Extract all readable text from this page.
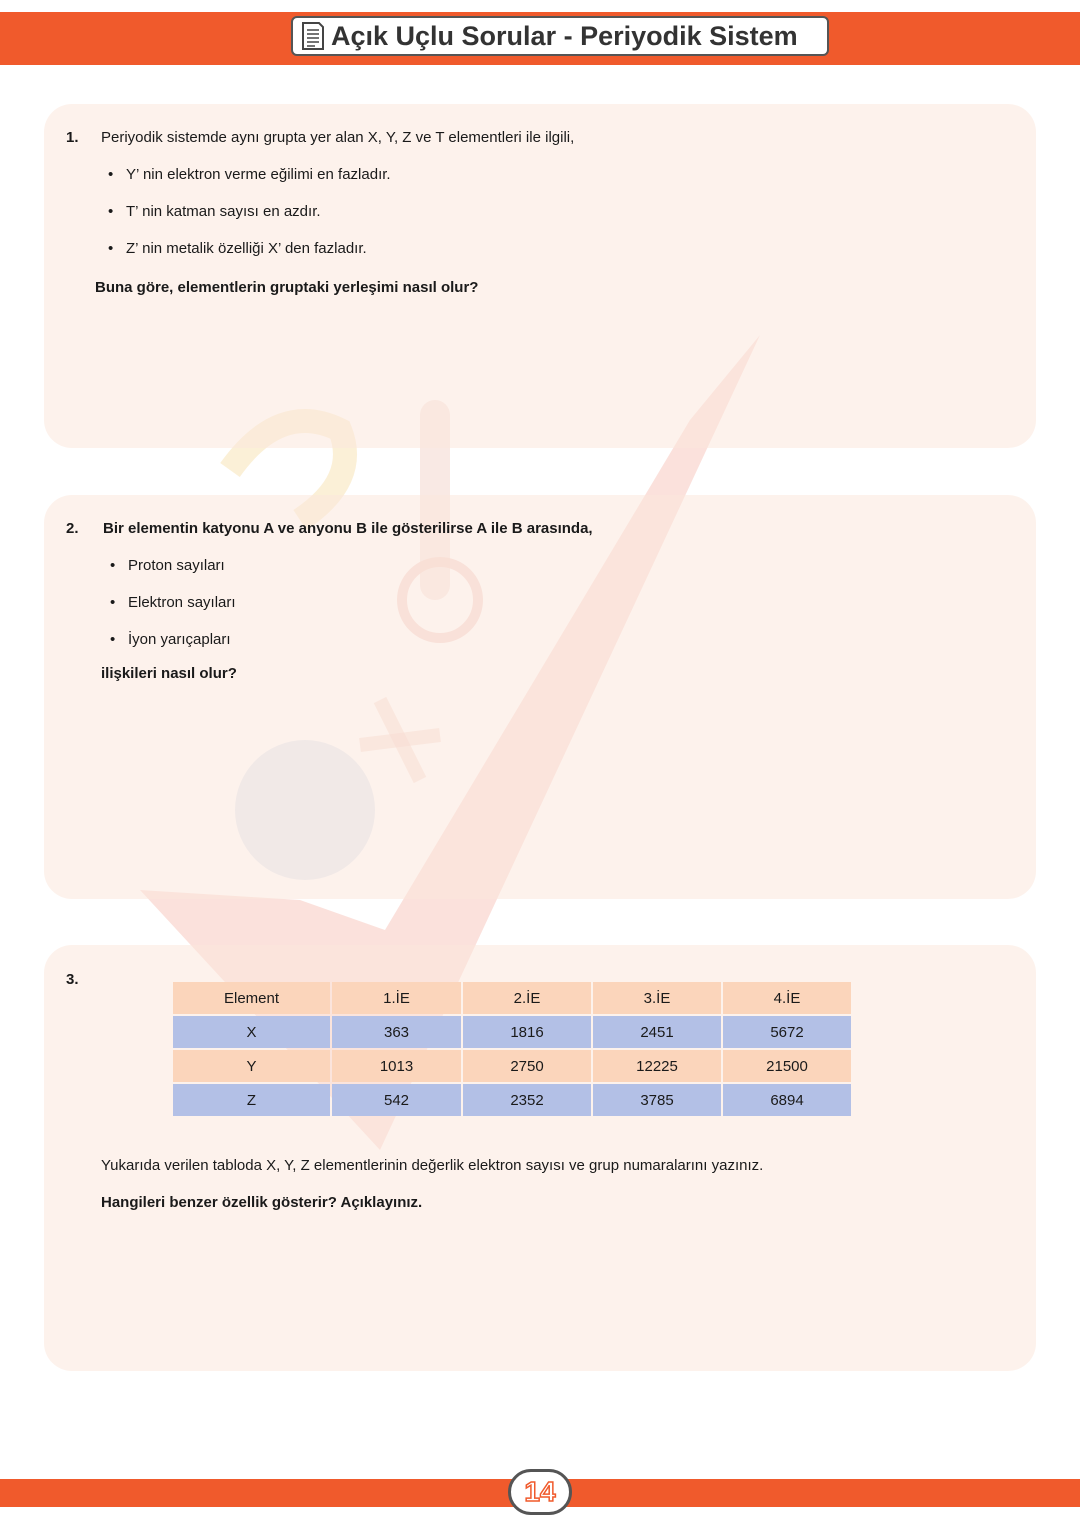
Açık Uçlu Sorular - Periyodik Sistem
1. Periyodik sistemde aynı grupta yer alan X, Y, Z ve T elementleri ile ilgili,
• Y’ nin elektron verme eğilimi en fazladır.
• T’ nin katman sayısı en azdır.
• Z’ nin metalik özelliği X’ den fazladır.
Buna göre, elementlerin gruptaki yerleşimi nasıl olur?
2. Bir elementin katyonu A ve anyonu B ile gösterilirse A ile B arasında,
• Proton sayıları
• Elektron sayıları
• İyon yarıçapları
ilişkileri nasıl olur?
3.
Element	1.İE	2.İE	3.İE	4.İE
X	363	1816	2451	5672
Y	1013	2750	12225	21500
Z	542	2352	3785	6894
Yukarıda verilen tabloda X, Y, Z elementlerinin değerlik elektron sayısı ve grup numaralarını yazınız.
Hangileri benzer özellik gösterir? Açıklayınız.
14
